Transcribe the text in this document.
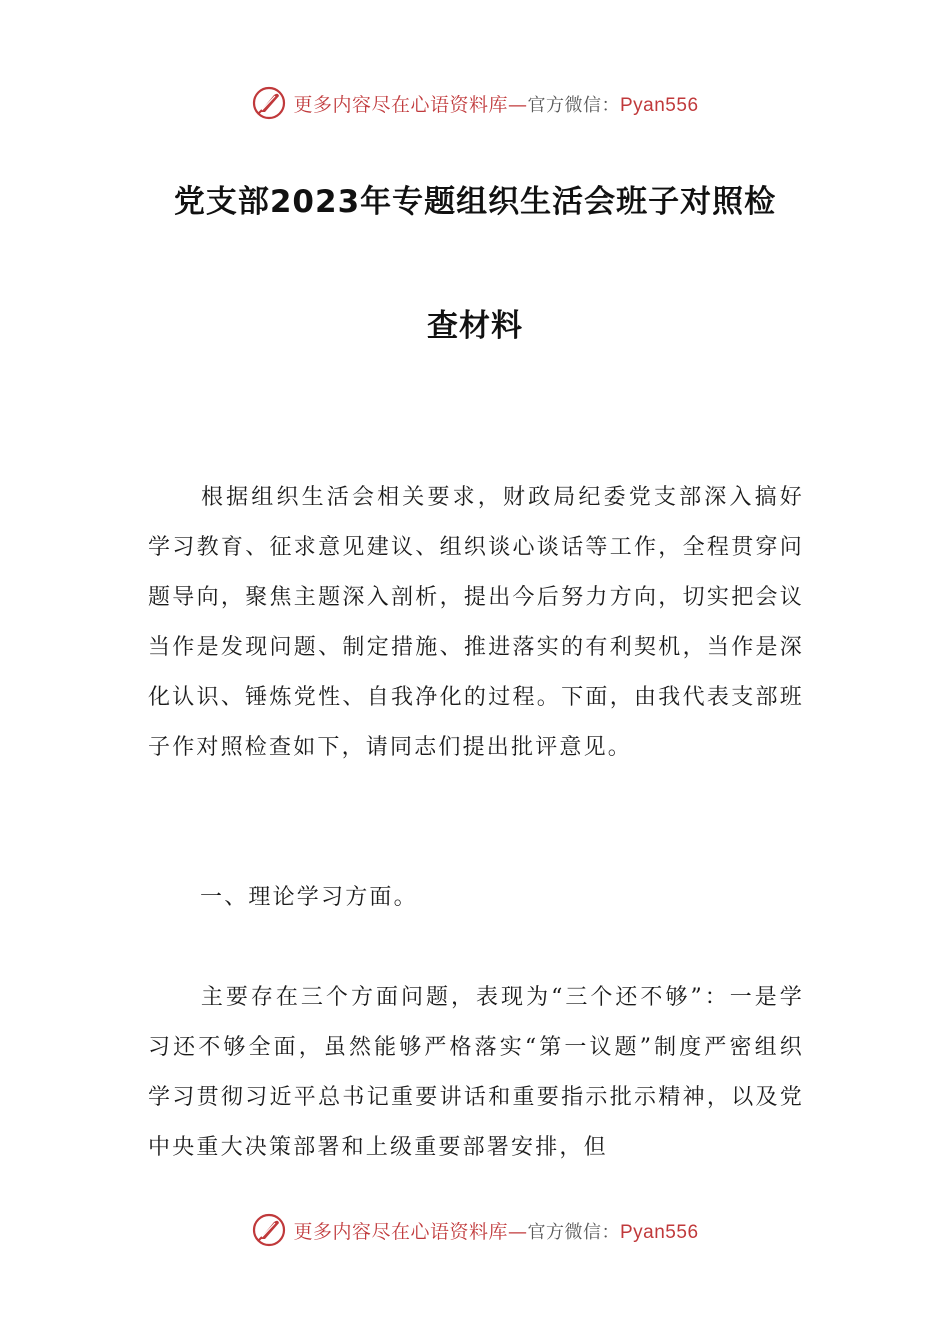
更多内容尽在心语资料库—官方微信：Pyan556
党支部2023年专题组织生活会班子对照检
查材料

根据组织生活会相关要求，财政局纪委党支部深入搞好学习教育、征求意见建议、组织谈心谈话等工作，全程贯穿问题导向，聚焦主题深入剖析，提出今后努力方向，切实把会议当作是发现问题、制定措施、推进落实的有利契机，当作是深化认识、锤炼党性、自我净化的过程。下面，由我代表支部班子作对照检查如下，请同志们提出批评意见。

一、理论学习方面。

主要存在三个方面问题，表现为“三个还不够”：一是学习还不够全面，虽然能够严格落实“第一议题”制度严密组织学习贯彻习近平总书记重要讲话和重要指示批示精神，以及党中央重大决策部署和上级重要部署安排，但

更多内容尽在心语资料库—官方微信：Pyan556
